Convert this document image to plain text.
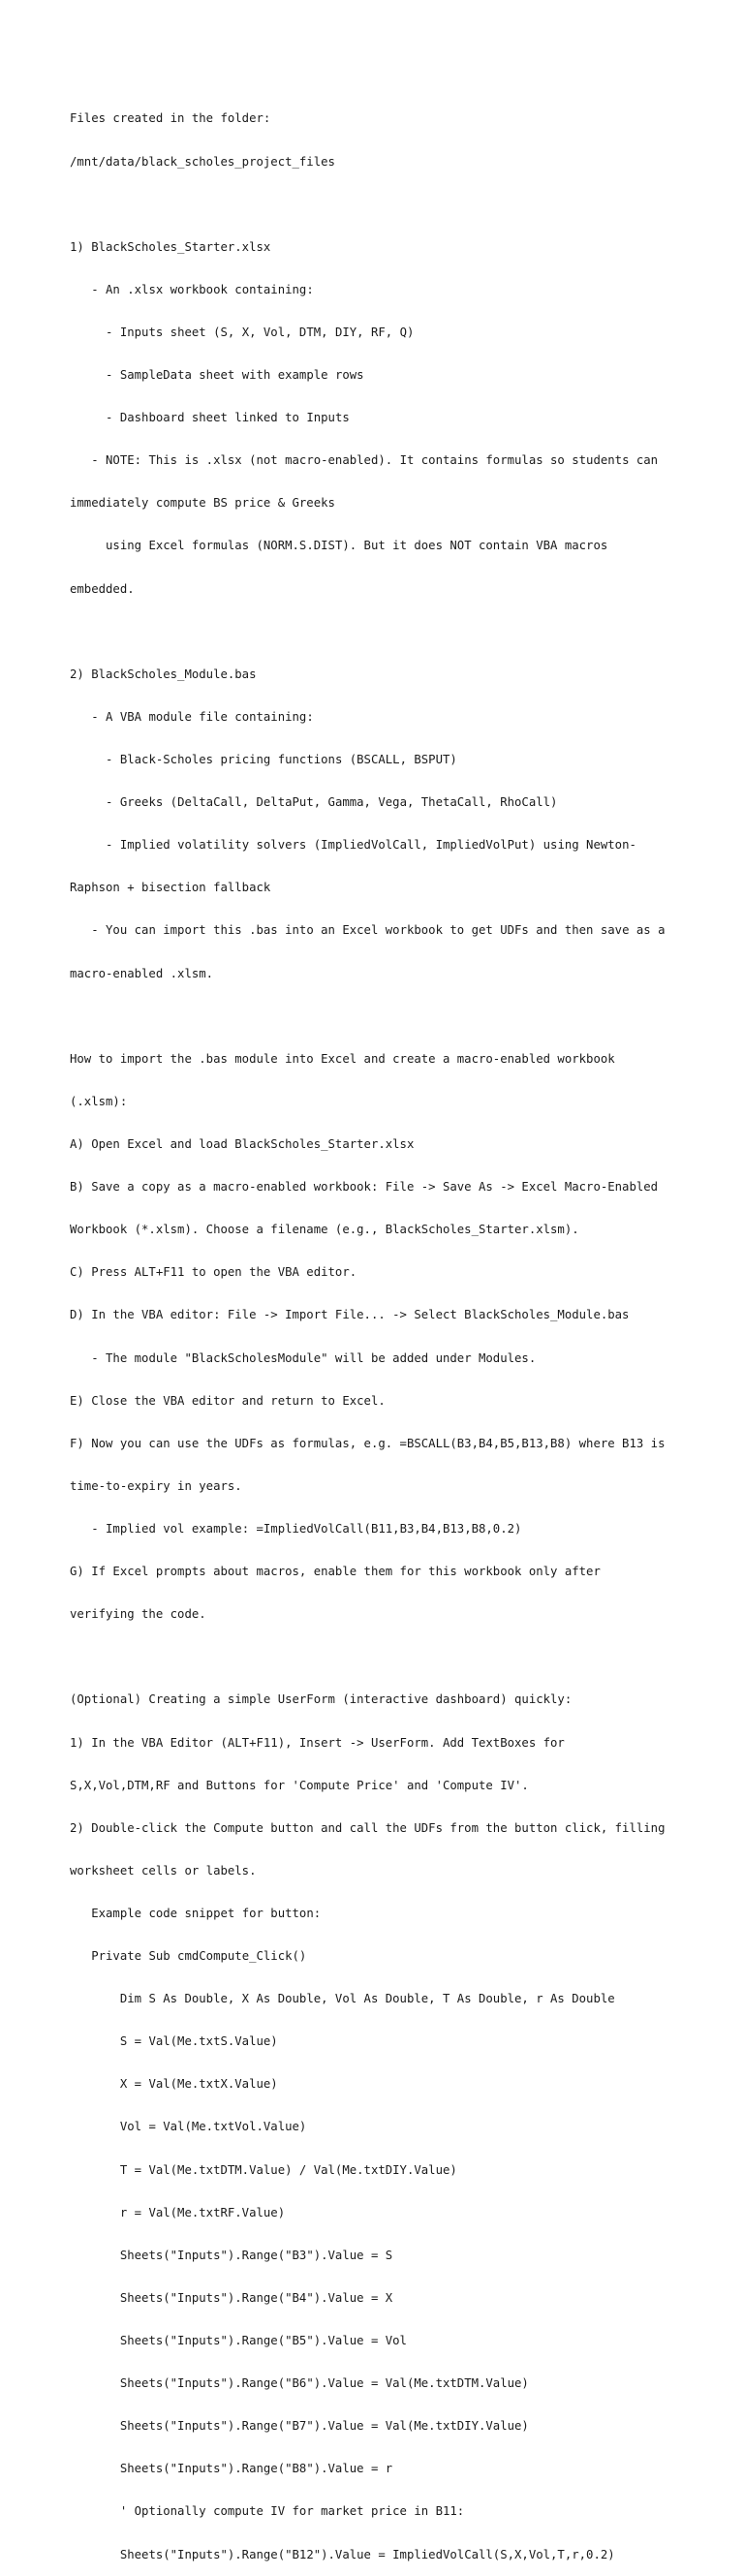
Files created in the folder:

/mnt/data/black_scholes_project_files

1) BlackScholes_Starter.xlsx

- An .xlsx workbook containing:

- Inputs sheet (S, X, Vol, DTM, DIY, RF, Q)

- SampleData sheet with example rows

- Dashboard sheet linked to Inputs

- NOTE: This is .xlsx (not macro-enabled). It contains formulas so students can

immediately compute BS price & Greeks

using Excel formulas (NORM.S.DIST). But it does NOT contain VBA macros

embedded.

2) BlackScholes_Module.bas

- A VBA module file containing:

- Black-Scholes pricing functions (BSCALL, BSPUT)

- Greeks (DeltaCall, DeltaPut, Gamma, Vega, ThetaCall, RhoCall)

- Implied volatility solvers (ImpliedVolCall, ImpliedVolPut) using Newton-

Raphson + bisection fallback

- You can import this .bas into an Excel workbook to get UDFs and then save as a

macro-enabled .xlsm.

How to import the .bas module into Excel and create a macro-enabled workbook

(.xlsm):

A) Open Excel and load BlackScholes_Starter.xlsx

B) Save a copy as a macro-enabled workbook: File -> Save As -> Excel Macro-Enabled

Workbook (*.xlsm). Choose a filename (e.g., BlackScholes_Starter.xlsm).

C) Press ALT+F11 to open the VBA editor.

D) In the VBA editor: File -> Import File... -> Select BlackScholes_Module.bas

- The module "BlackScholesModule" will be added under Modules.

E) Close the VBA editor and return to Excel.

F) Now you can use the UDFs as formulas, e.g. =BSCALL(B3,B4,B5,B13,B8) where B13 is

time-to-expiry in years.

- Implied vol example: =ImpliedVolCall(B11,B3,B4,B13,B8,0.2)

G) If Excel prompts about macros, enable them for this workbook only after

verifying the code.

(Optional) Creating a simple UserForm (interactive dashboard) quickly:

1) In the VBA Editor (ALT+F11), Insert -> UserForm. Add TextBoxes for

S,X,Vol,DTM,RF and Buttons for 'Compute Price' and 'Compute IV'.

2) Double-click the Compute button and call the UDFs from the button click, filling

worksheet cells or labels.

Example code snippet for button:

Private Sub cmdCompute_Click()

Dim S As Double, X As Double, Vol As Double, T As Double, r As Double

S = Val(Me.txtS.Value)

X = Val(Me.txtX.Value)

Vol = Val(Me.txtVol.Value)

T = Val(Me.txtDTM.Value) / Val(Me.txtDIY.Value)

r = Val(Me.txtRF.Value)

Sheets("Inputs").Range("B3").Value = S

Sheets("Inputs").Range("B4").Value = X

Sheets("Inputs").Range("B5").Value = Vol

Sheets("Inputs").Range("B6").Value = Val(Me.txtDTM.Value)

Sheets("Inputs").Range("B7").Value = Val(Me.txtDIY.Value)

Sheets("Inputs").Range("B8").Value = r

' Optionally compute IV for market price in B11:

Sheets("Inputs").Range("B12").Value = ImpliedVolCall(S,X,Vol,T,r,0.2)
